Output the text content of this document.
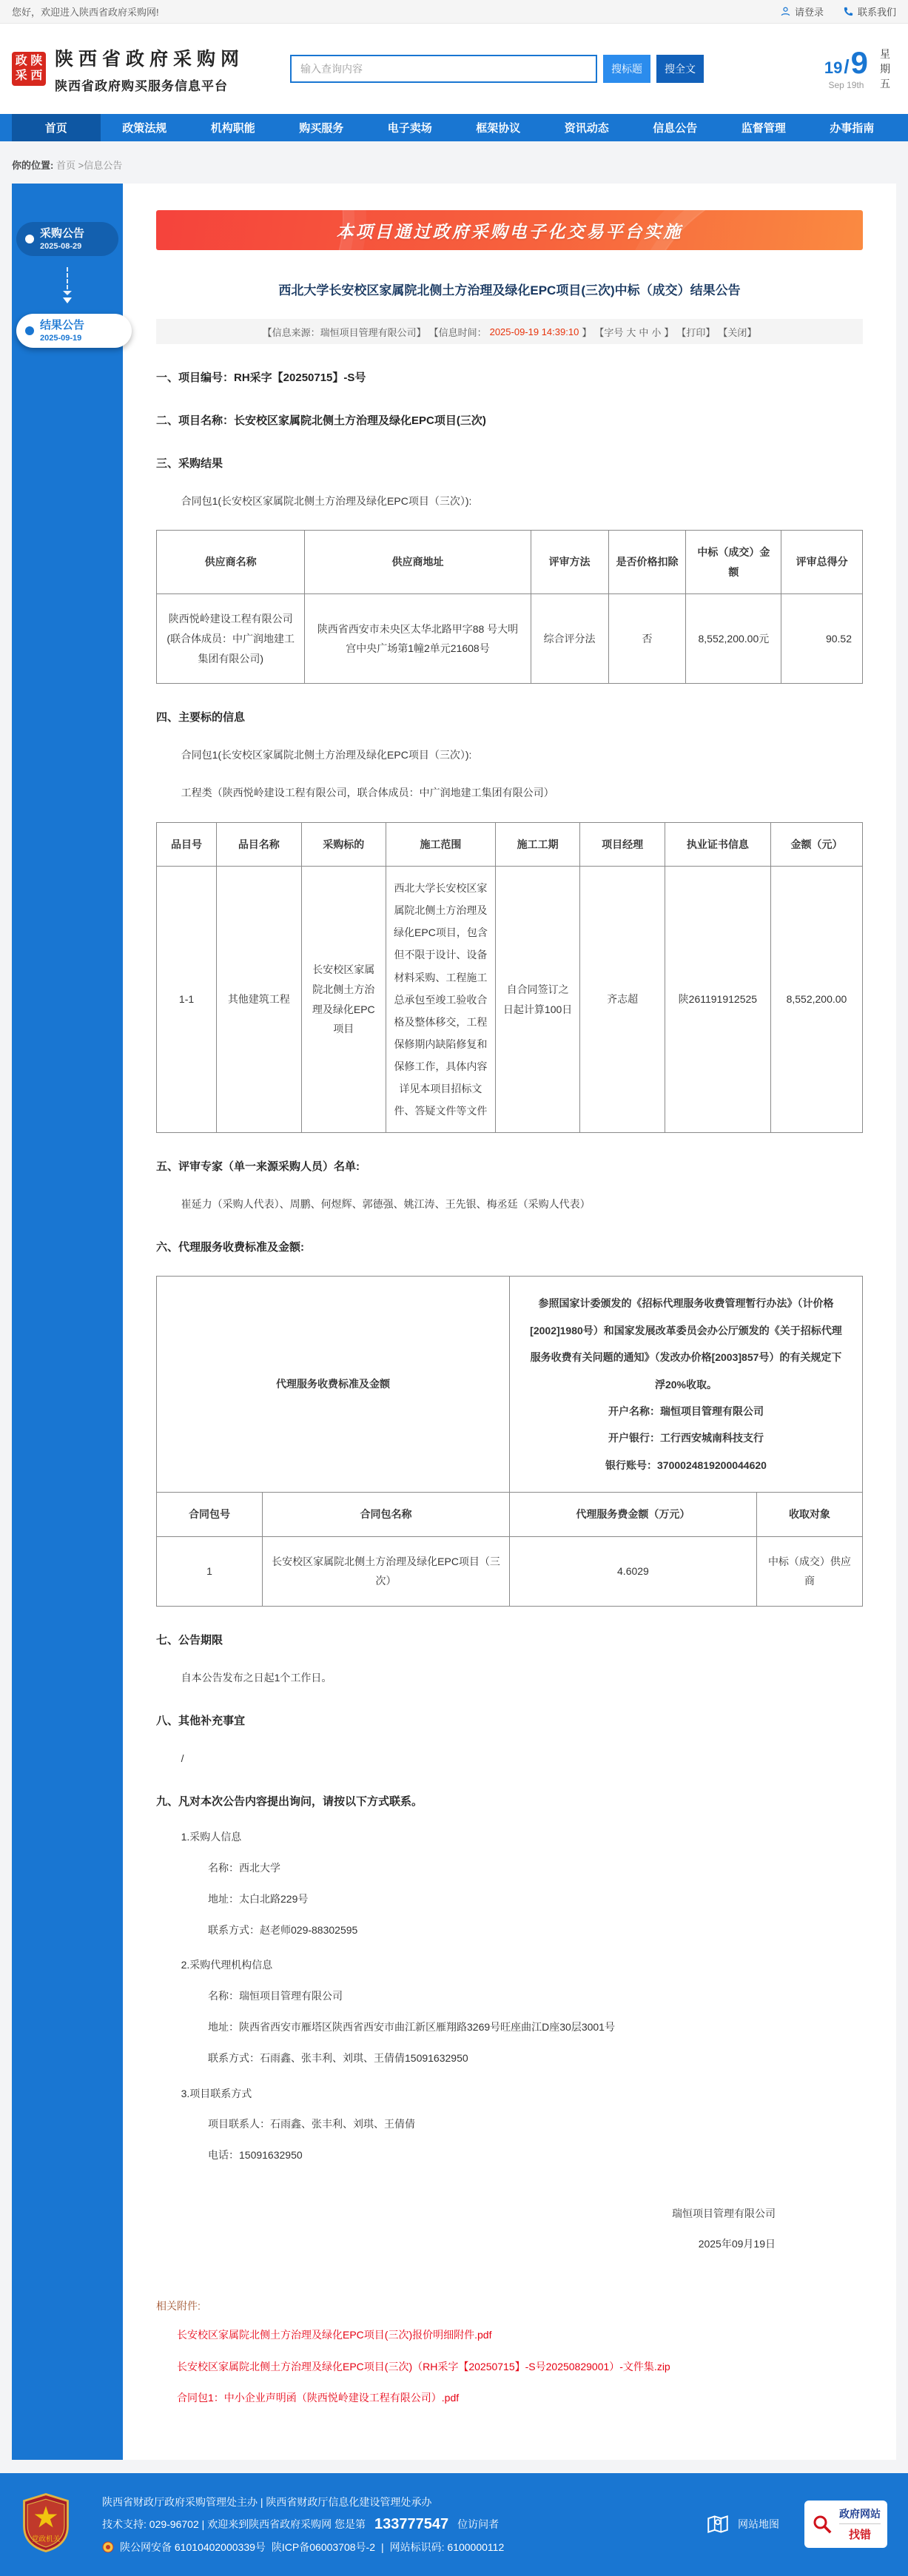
您好，欢迎进入陕西省政府采购网!	请登录	联系我们
政 陕
采 西
陕西省政府采购网
陕西省政府购买服务信息平台
输入查询内容
搜标题	搜全文	19 / 9
Sep 19th
星
期
五
首页	政策法规	机构职能	购买服务	电子卖场	框架协议	资讯动态	信息公告	监督管理	办事指南
你的位置: 首页 >信息公告
采购公告
2025-08-29
结果公告
2025-09-19
本项目通过政府采购电子化交易平台实施
西北大学长安校区家属院北侧土方治理及绿化EPC项目(三次)中标（成交）结果公告
【信息来源：瑞恒项目管理有限公司】 【信息时间： 2025-09-19 14:39:10 】 【字号 大 中 小 】 【打印】 【关闭】
一、项目编号：RH采字【20250715】-S号
二、项目名称：长安校区家属院北侧土方治理及绿化EPC项目(三次)
三、采购结果
合同包1(长安校区家属院北侧土方治理及绿化EPC项目（三次）):
供应商名称	供应商地址	评审方法	是否价格扣除	中标（成交）金额	评审总得分
陕西悦岭建设工程有限公司(联合体成员：中广润地建工集团有限公司)	陕西省西安市未央区太华北路甲字88 号大明宫中央广场第1幢2单元21608号	综合评分法	否	8,552,200.00元	90.52
四、主要标的信息
合同包1(长安校区家属院北侧土方治理及绿化EPC项目（三次）):
工程类（陕西悦岭建设工程有限公司，联合体成员：中广润地建工集团有限公司）
品目号	品目名称	采购标的	施工范围	施工工期	项目经理	执业证书信息	金额（元）
1-1	其他建筑工程	长安校区家属院北侧土方治理及绿化EPC项目	西北大学长安校区家属院北侧土方治理及绿化EPC项目，包含但不限于设计、设备材料采购、工程施工总承包至竣工验收合格及整体移交，工程保修期内缺陷修复和保修工作，具体内容详见本项目招标文件、答疑文件等文件	自合同签订之日起计算100日	齐志超	陕261191912525	8,552,200.00
五、评审专家（单一来源采购人员）名单:
崔延力（采购人代表）、周鹏、何煜辉、郭德强、姚江涛、王先银、梅丞廷（采购人代表）
六、代理服务收费标准及金额:
代理服务收费标准及金额		参照国家计委颁发的《招标代理服务收费管理暂行办法》（计价格[2002]1980号）和国家发展改革委员会办公厅颁发的《关于招标代理服务收费有关问题的通知》（发改办价格[2003]857号）的有关规定下浮20%收取。
开户名称：瑞恒项目管理有限公司
开户银行：工行西安城南科技支行
银行账号：3700024819200044620	

合同包号	合同包名称	代理服务费金额（万元）	收取对象
1	长安校区家属院北侧土方治理及绿化EPC项目（三次）	4.6029	中标（成交）供应商
七、公告期限
自本公告发布之日起1个工作日。
八、其他补充事宜
/
九、凡对本次公告内容提出询问，请按以下方式联系。
1.采购人信息
名称：西北大学
地址：太白北路229号
联系方式：赵老师029-88302595
2.采购代理机构信息
名称：瑞恒项目管理有限公司
地址：陕西省西安市雁塔区陕西省西安市曲江新区雁翔路3269号旺座曲江D座30层3001号
联系方式：石雨鑫、张丰利、刘琪、王倩倩15091632950
3.项目联系方式
项目联系人：石雨鑫、张丰利、刘琪、王倩倩
电话：15091632950
瑞恒项目管理有限公司
2025年09月19日
相关附件:
长安校区家属院北侧土方治理及绿化EPC项目(三次)报价明细附件.pdf
长安校区家属院北侧土方治理及绿化EPC项目(三次)（RH采字【20250715】-S号20250829001）-文件集.zip
合同包1：中小企业声明函（陕西悦岭建设工程有限公司）.pdf
党政机关
陕西省财政厅政府采购管理处主办 | 陕西省财政厅信息化建设管理处承办
技术支持: 029-96702 | 欢迎来到陕西省政府采购网 您是第 133777547 位访问者
陕公网安备 61010402000339号 陕ICP备06003708号-2 | 网站标识码: 6100000112
网站地图
政府网站
找错
